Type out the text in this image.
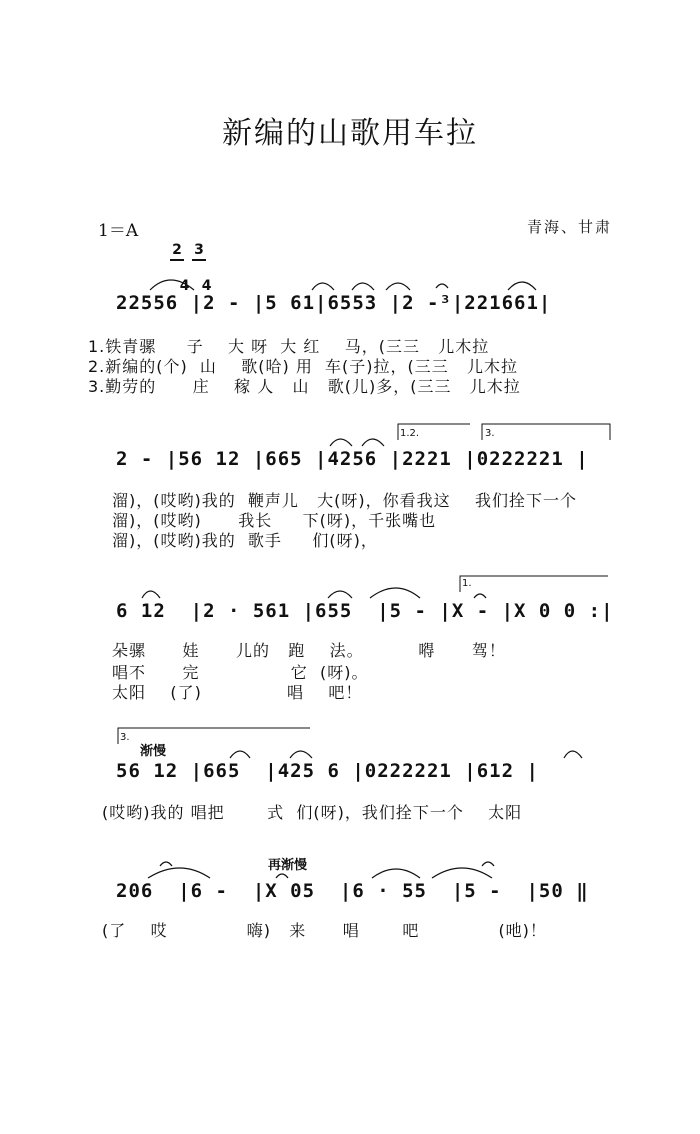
新编的山歌用车拉
1＝A

2

4

3

4

青海、甘肃
22556 |2 - |5 61|6553 |2 -³|221661|
1.铁青骡     子    大 呀  大 红    马，(三三   儿木拉
2.新编的(个)  山    歌(哈) 用  车(子)拉，(三三   儿木拉
3.勤劳的      庄    稼 人   山   歌(儿)多，(三三   儿木拉
1.2.	3.
2 - |56 12 |665 |4256 |2221 |0222221 |
溜)，(哎哟)我的  鞭声儿   大(呀)，你看我这    我们拴下一个
溜)，(哎哟)      我长     下(呀)，千张嘴也
溜)，(哎哟)我的  歌手     们(呀)，
1.
6 12  |2 · 561 |655  |5 - |X - |X 0 0 :|
朵骡      娃      儿的   跑    法。         嘚      驾！
唱不      完               它  (呀)。
太阳    (了)              唱    吧！
3.
渐慢
56 12 |665  |425 6 |0222221 |612 |
(哎哟)我的 唱把       式  们(呀)，我们拴下一个    太阳
再渐慢
206  |6 -  |X 05  |6 · 55  |5 -  |50 ‖
(了    哎             嗨)   来      唱       吧             (吔)！
